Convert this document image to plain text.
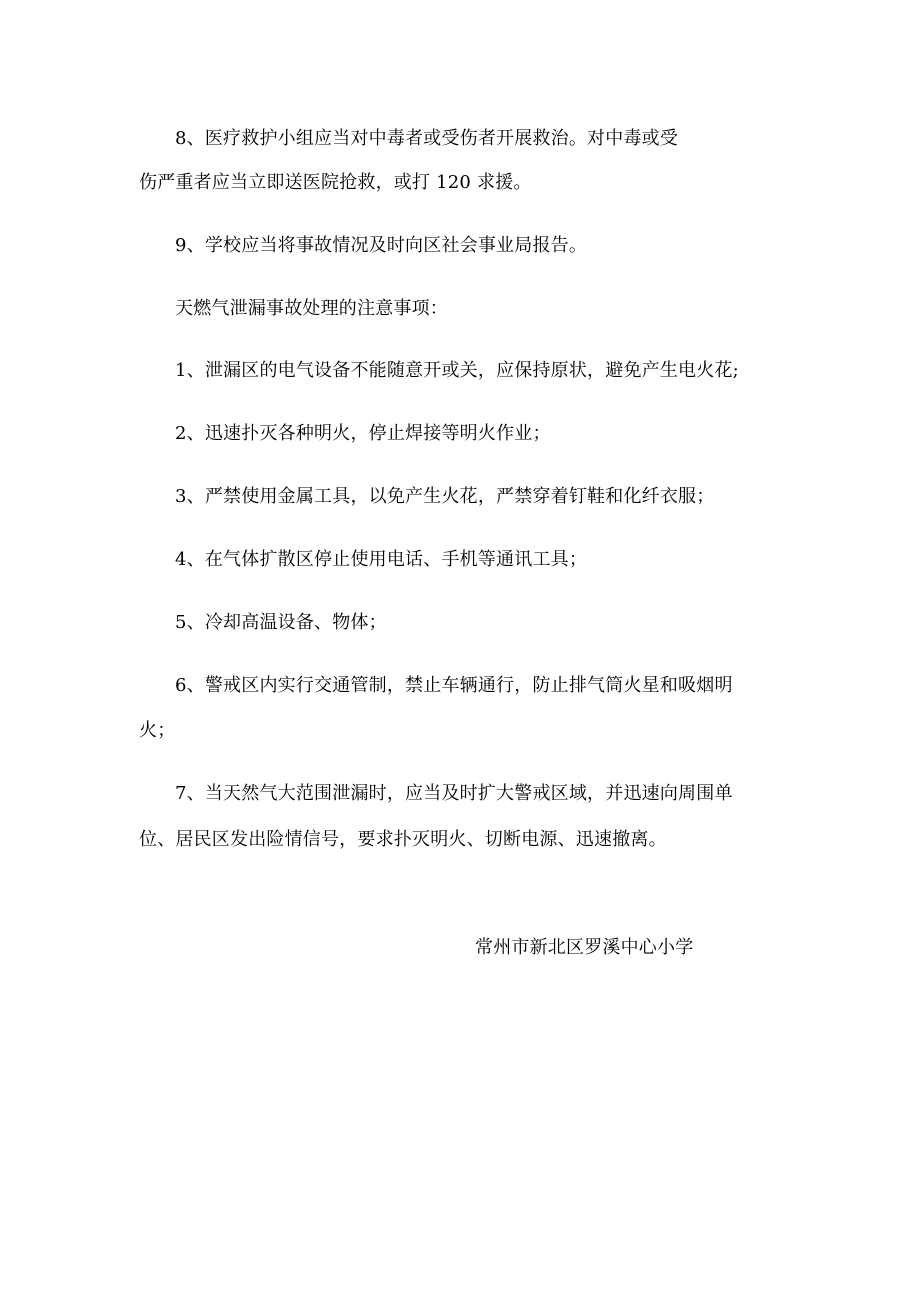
8、医疗救护小组应当对中毒者或受伤者开展救治。对中毒或受
伤严重者应当立即送医院抢救，或打 120 求援。
9、学校应当将事故情况及时向区社会事业局报告。
天燃气泄漏事故处理的注意事项：
1、泄漏区的电气设备不能随意开或关，应保持原状，避免产生电火花;
2、迅速扑灭各种明火，停止焊接等明火作业；
3、严禁使用金属工具，以免产生火花，严禁穿着钉鞋和化纤衣服；
4、在气体扩散区停止使用电话、手机等通讯工具；
5、冷却高温设备、物体；
6、警戒区内实行交通管制，禁止车辆通行，防止排气筒火星和吸烟明
火；
7、当天然气大范围泄漏时，应当及时扩大警戒区域，并迅速向周围单
位、居民区发出险情信号，要求扑灭明火、切断电源、迅速撤离。
常州市新北区罗溪中心小学
